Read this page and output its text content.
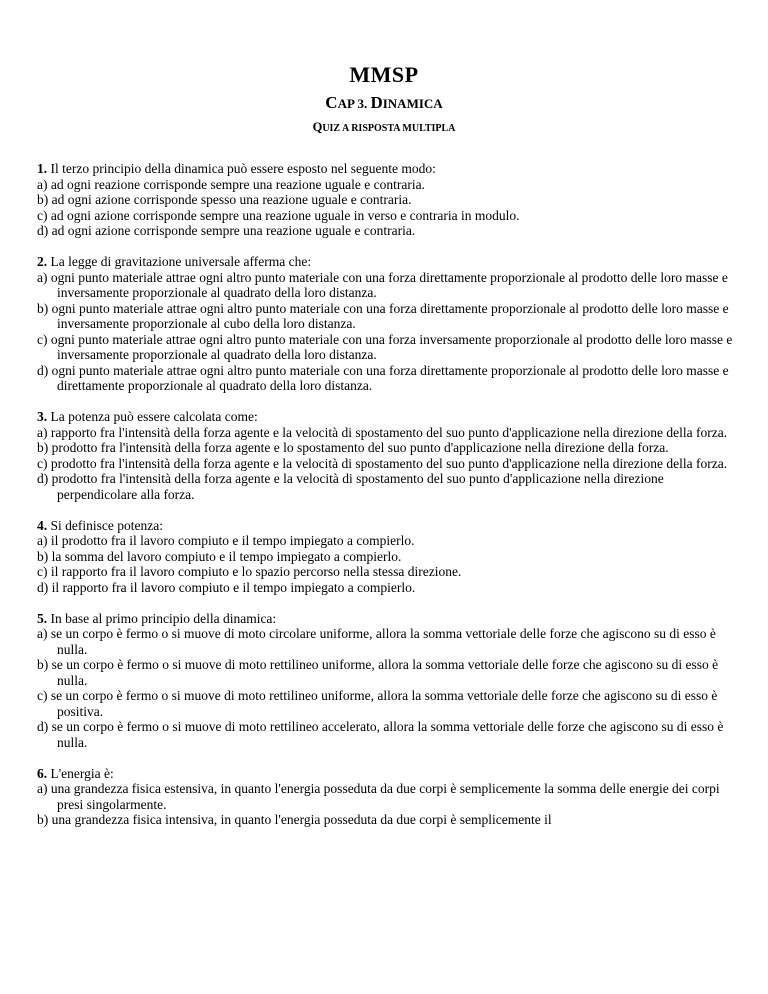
MMSP
CAP 3. DINAMICA
QUIZ A RISPOSTA MULTIPLA

1. Il terzo principio della dinamica può essere esposto nel seguente modo:

a) ad ogni reazione corrisponde sempre una reazione uguale e contraria.

b) ad ogni azione corrisponde spesso una reazione uguale e contraria.

c) ad ogni azione corrisponde sempre una reazione uguale in verso e contraria in modulo.

d) ad ogni azione corrisponde sempre una reazione uguale e contraria.

2. La legge di gravitazione universale afferma che:

a) ogni punto materiale attrae ogni altro punto materiale con una forza direttamente proporzionale al prodotto delle loro masse e inversamente proporzionale al quadrato della loro distanza.

b) ogni punto materiale attrae ogni altro punto materiale con una forza direttamente proporzionale al prodotto delle loro masse e inversamente proporzionale al cubo della loro distanza.

c) ogni punto materiale attrae ogni altro punto materiale con una forza inversamente proporzionale al prodotto delle loro masse e inversamente proporzionale al quadrato della loro distanza.

d) ogni punto materiale attrae ogni altro punto materiale con una forza direttamente proporzionale al prodotto delle loro masse e direttamente proporzionale al quadrato della loro distanza.

3. La potenza può essere calcolata come:

a) rapporto fra l'intensità della forza agente e la velocità di spostamento del suo punto d'applicazione nella direzione della forza.

b) prodotto fra l'intensità della forza agente e lo spostamento del suo punto d'applicazione nella direzione della forza.

c) prodotto fra l'intensità della forza agente e la velocità di spostamento del suo punto d'applicazione nella direzione della forza.

d) prodotto fra l'intensità della forza agente e la velocità di spostamento del suo punto d'applicazione nella direzione perpendicolare alla forza.

4. Si definisce potenza:

a) il prodotto fra il lavoro compiuto e il tempo impiegato a compierlo.

b) la somma del lavoro compiuto e il tempo impiegato a compierlo.

c) il rapporto fra il lavoro compiuto e lo spazio percorso nella stessa direzione.

d) il rapporto fra il lavoro compiuto e il tempo impiegato a compierlo.

5. In base al primo principio della dinamica:

a) se un corpo è fermo o si muove di moto circolare uniforme, allora la somma vettoriale delle forze che agiscono su di esso è nulla.

b) se un corpo è fermo o si muove di moto rettilineo uniforme, allora la somma vettoriale delle forze che agiscono su di esso è nulla.

c) se un corpo è fermo o si muove di moto rettilineo uniforme, allora la somma vettoriale delle forze che agiscono su di esso è positiva.

d) se un corpo è fermo o si muove di moto rettilineo accelerato, allora la somma vettoriale delle forze che agiscono su di esso è nulla.

6. L'energia è:

a) una grandezza fisica estensiva, in quanto l'energia posseduta da due corpi è semplicemente la somma delle energie dei corpi presi singolarmente.

b) una grandezza fisica intensiva, in quanto l'energia posseduta da due corpi è semplicemente il
